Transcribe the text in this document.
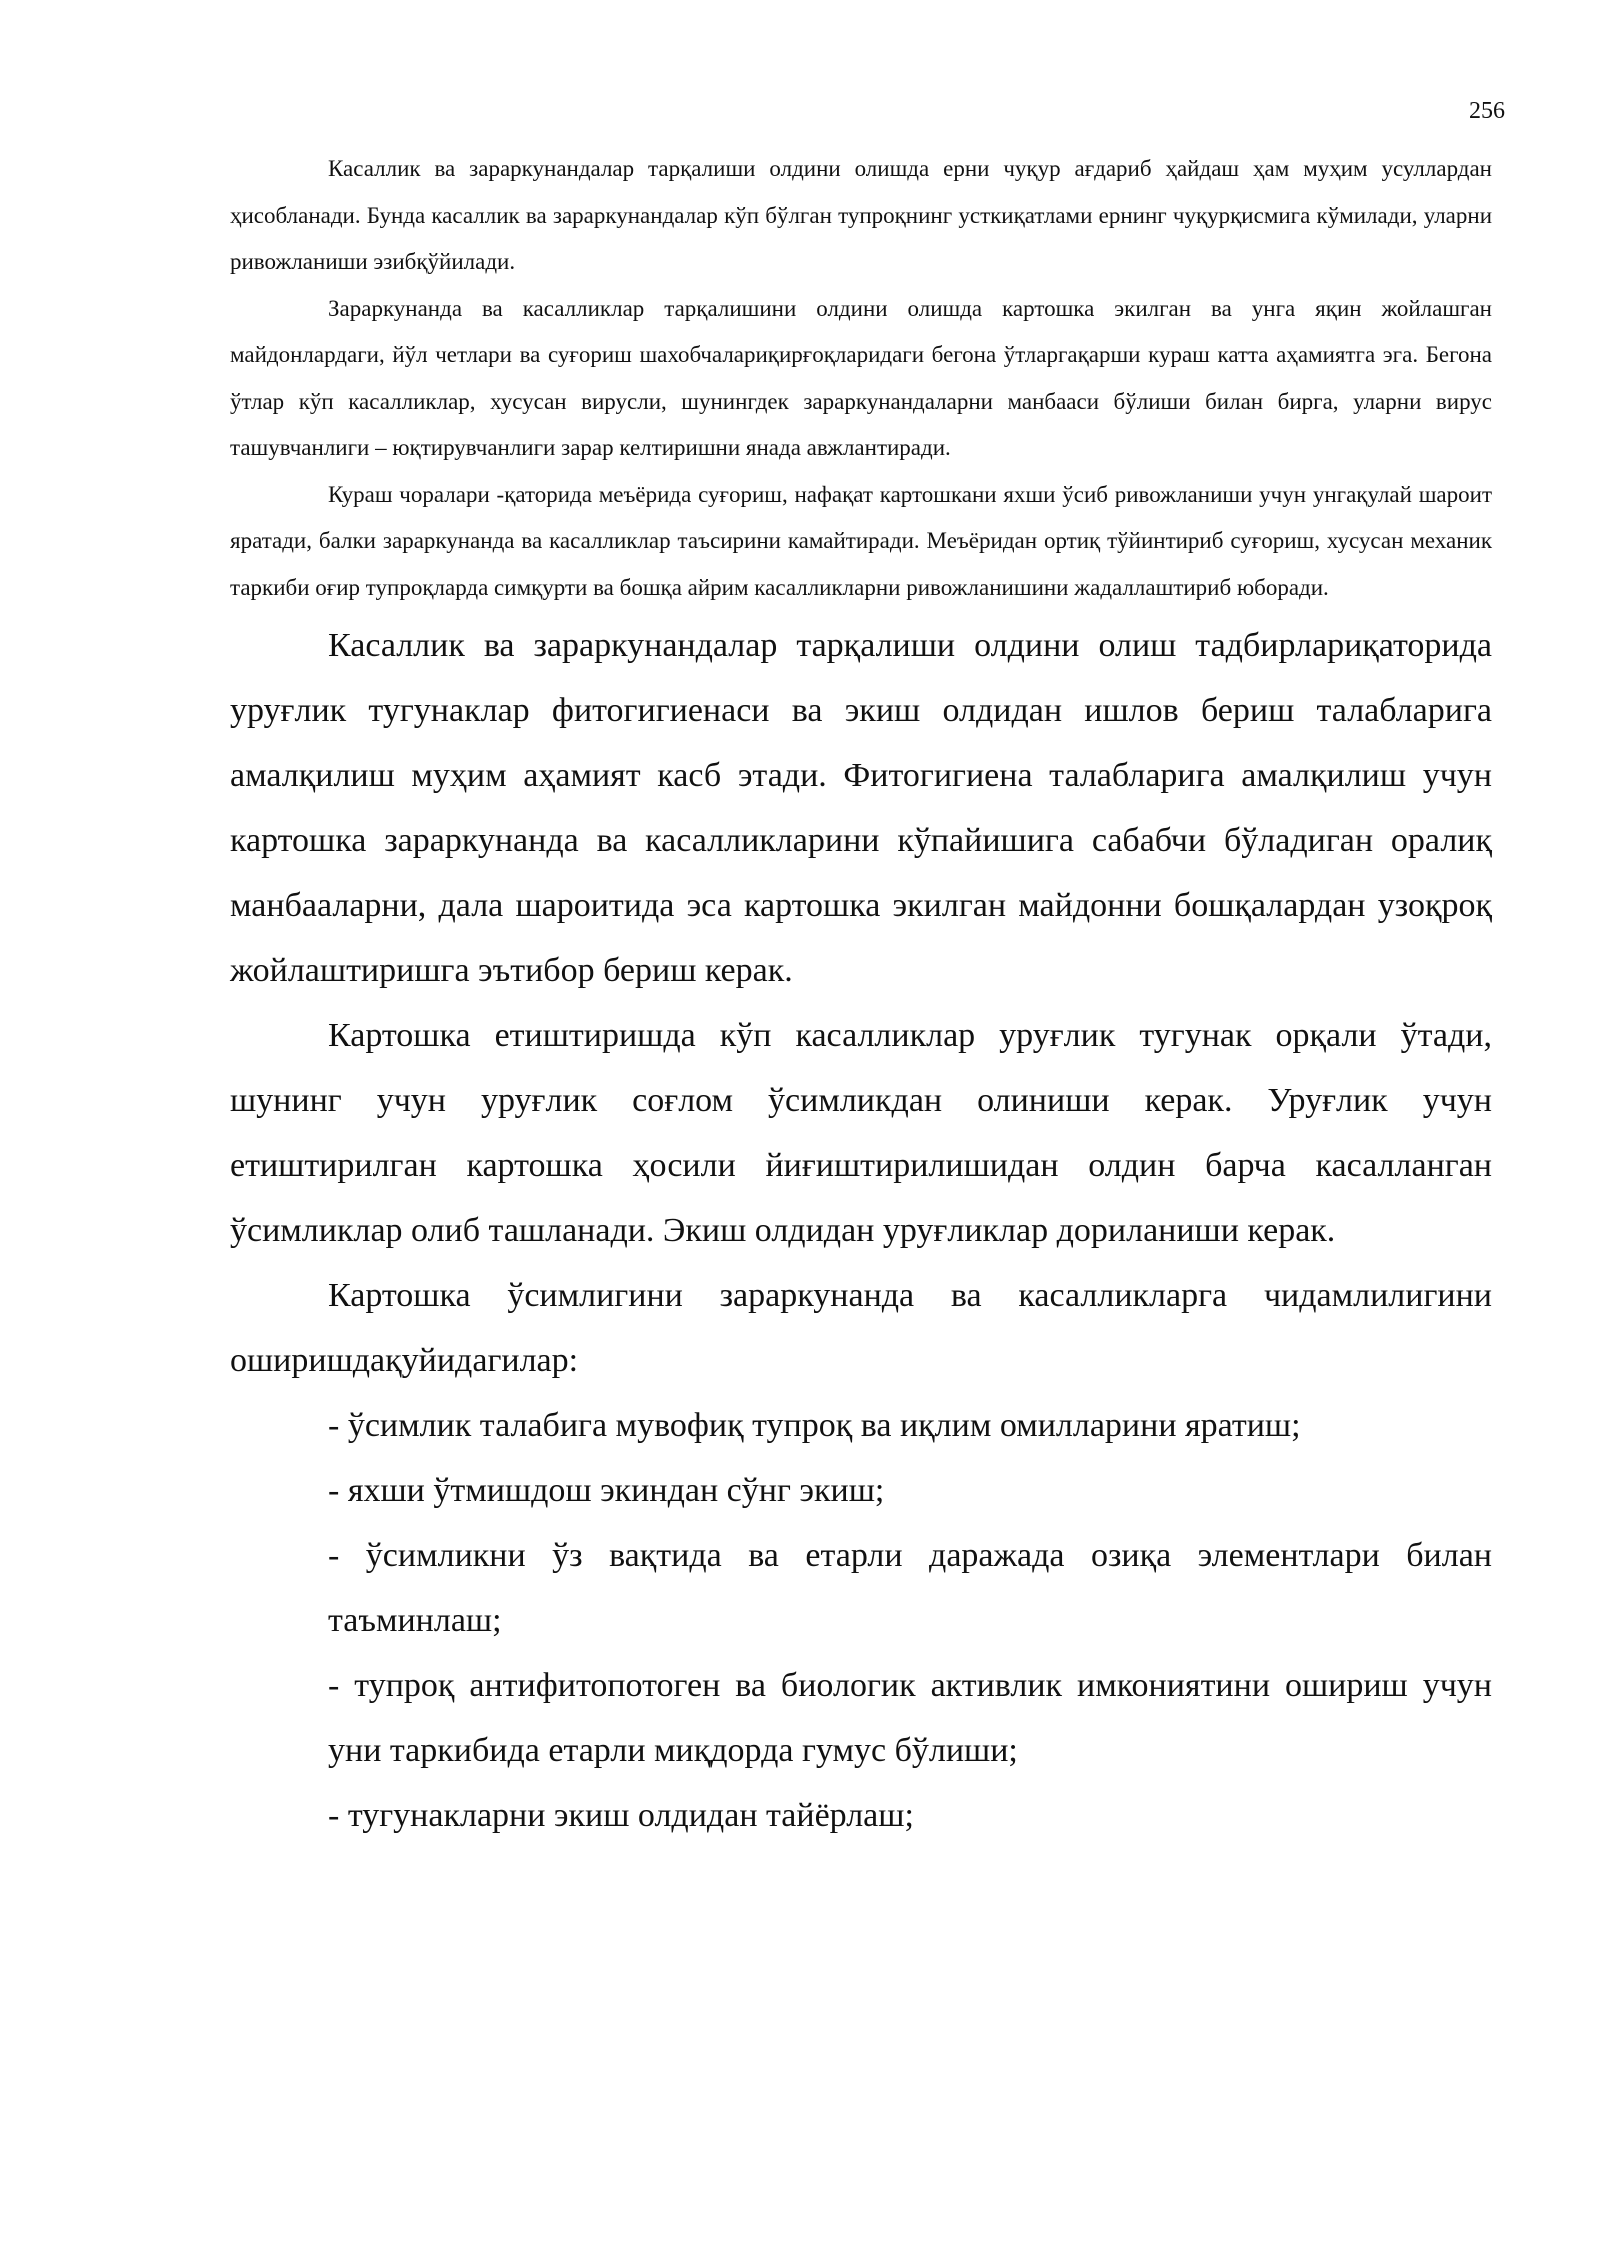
256

Касаллик ва зараркунандалар тарқалиши олдини олишда ерни чуқур ағдариб ҳайдаш ҳам муҳим усуллардан ҳисобланади. Бунда касаллик ва зараркунандалар кўп бўлган тупроқнинг усткиқатлами ернинг чуқурқисмига кўмилади, уларни ривожланиши эзибқўйилади.

Зараркунанда ва касалликлар тарқалишини олдини олишда картошка экилган ва унга яқин жойлашган майдонлардаги, йўл четлари ва суғориш шахобчалариқирғоқларидаги бегона ўтларгақарши кураш катта аҳамиятга эга. Бегона ўтлар кўп касалликлар, хусусан вирусли, шунингдек зараркунандаларни манбааси бўлиши билан бирга, уларни вирус ташувчанлиги – юқтирувчанлиги зарар келтиришни янада авжлантиради.

Кураш чоралари -қаторида меъёрида суғориш, нафақат картошкани яхши ўсиб ривожланиши учун унгақулай шароит яратади, балки зараркунанда ва касалликлар таъсирини камайтиради. Меъёридан ортиқ тўйинтириб суғориш, хусусан механик таркиби оғир тупроқларда симқурти ва бошқа айрим касалликларни ривожланишини жадаллаштириб юборади.

Касаллик ва зараркунандалар тарқалиши олдини олиш тадбирлариқаторида уруғлик тугунаклар фитогигиенаси ва экиш олдидан ишлов бериш талабларига амалқилиш муҳим аҳамият касб этади. Фитогигиена талабларига амалқилиш учун картошка зараркунанда ва касалликларини кўпайишига сабабчи бўладиган оралиқ манбааларни, дала шароитида эса картошка экилган майдонни бошқалардан узоқроқ жойлаштиришга эътибор бериш керак.

Картошка етиштиришда кўп касалликлар уруғлик тугунак орқали ўтади, шунинг учун уруғлик соғлом ўсимликдан олиниши керак. Уруғлик учун етиштирилган картошка ҳосили йиғиштирилишидан олдин барча касалланган ўсимликлар олиб ташланади. Экиш олдидан уруғликлар дориланиши керак.

Картошка ўсимлигини зараркунанда ва касалликларга чидамлилигини оширишдақуйидагилар:

- ўсимлик талабига мувофиқ тупроқ ва иқлим омилларини яратиш;

- яхши ўтмишдош экиндан сўнг экиш;

- ўсимликни ўз вақтида ва етарли даражада озиқа элементлари билан таъминлаш;

- тупроқ антифитопотоген ва биологик активлик имкониятини ошириш учун уни таркибида етарли миқдорда гумус бўлиши;

- тугунакларни экиш олдидан тайёрлаш;
